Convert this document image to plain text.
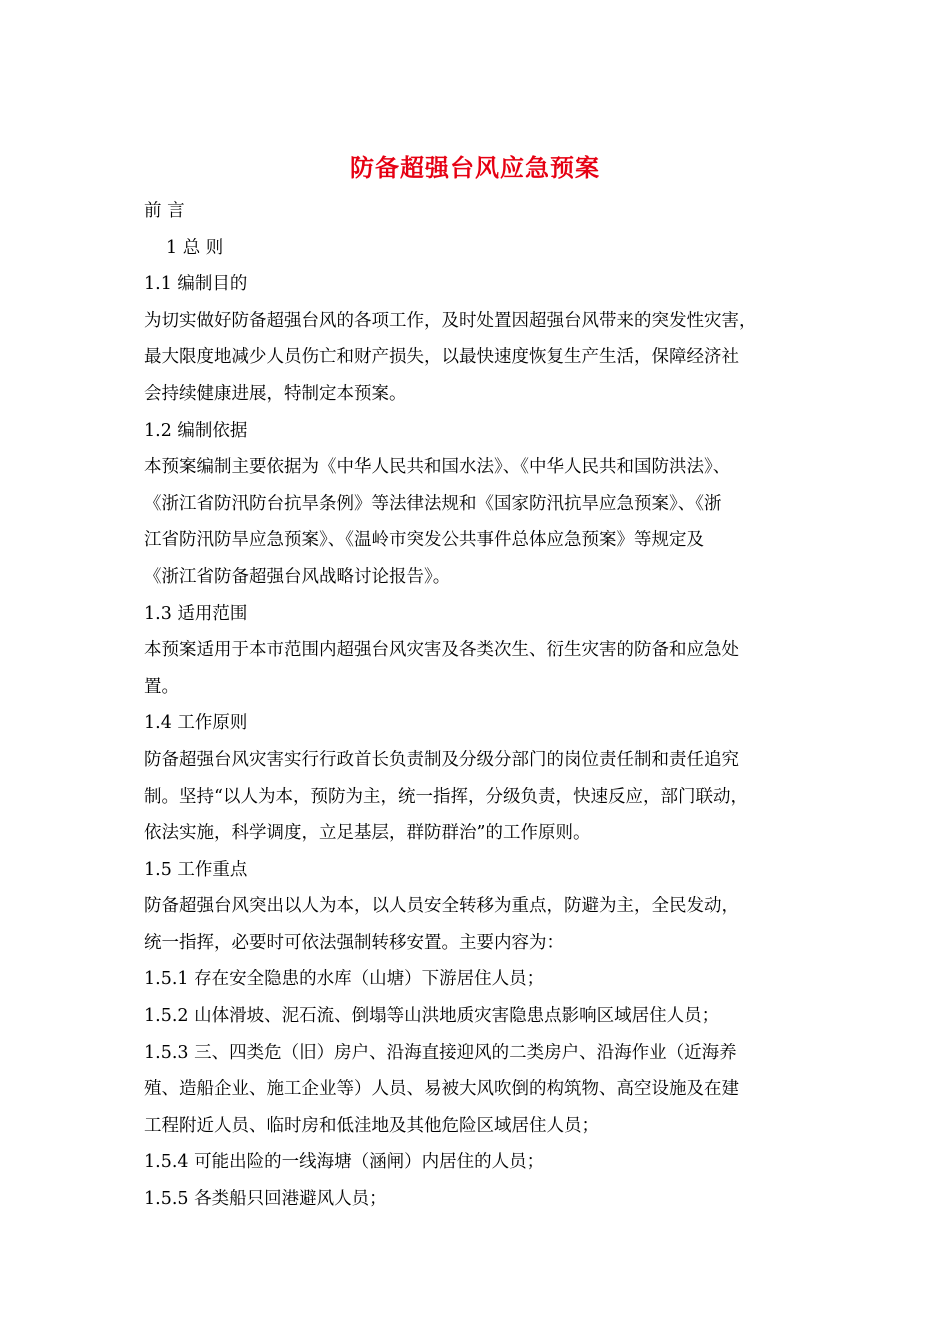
防备超强台风应急预案
前 言
1 总 则
1.1 编制目的
为切实做好防备超强台风的各项工作，及时处置因超强台风带来的突发性灾害，
最大限度地减少人员伤亡和财产损失，以最快速度恢复生产生活，保障经济社
会持续健康进展，特制定本预案。
1.2 编制依据
本预案编制主要依据为《中华人民共和国水法》、《中华人民共和国防洪法》、
《浙江省防汛防台抗旱条例》等法律法规和《国家防汛抗旱应急预案》、《浙
江省防汛防旱应急预案》、《温岭市突发公共事件总体应急预案》等规定及
《浙江省防备超强台风战略讨论报告》。
1.3 适用范围
本预案适用于本市范围内超强台风灾害及各类次生、衍生灾害的防备和应急处
置。
1.4 工作原则
防备超强台风灾害实行行政首长负责制及分级分部门的岗位责任制和责任追究
制。坚持“以人为本，预防为主，统一指挥，分级负责，快速反应，部门联动，
依法实施，科学调度，立足基层，群防群治”的工作原则。
1.5 工作重点
防备超强台风突出以人为本，以人员安全转移为重点，防避为主，全民发动，
统一指挥，必要时可依法强制转移安置。主要内容为：
1.5.1 存在安全隐患的水库（山塘）下游居住人员；
1.5.2 山体滑坡、泥石流、倒塌等山洪地质灾害隐患点影响区域居住人员；
1.5.3 三、四类危（旧）房户、沿海直接迎风的二类房户、沿海作业（近海养
殖、造船企业、施工企业等）人员、易被大风吹倒的构筑物、高空设施及在建
工程附近人员、临时房和低洼地及其他危险区域居住人员；
1.5.4 可能出险的一线海塘（涵闸）内居住的人员；
1.5.5 各类船只回港避风人员；
